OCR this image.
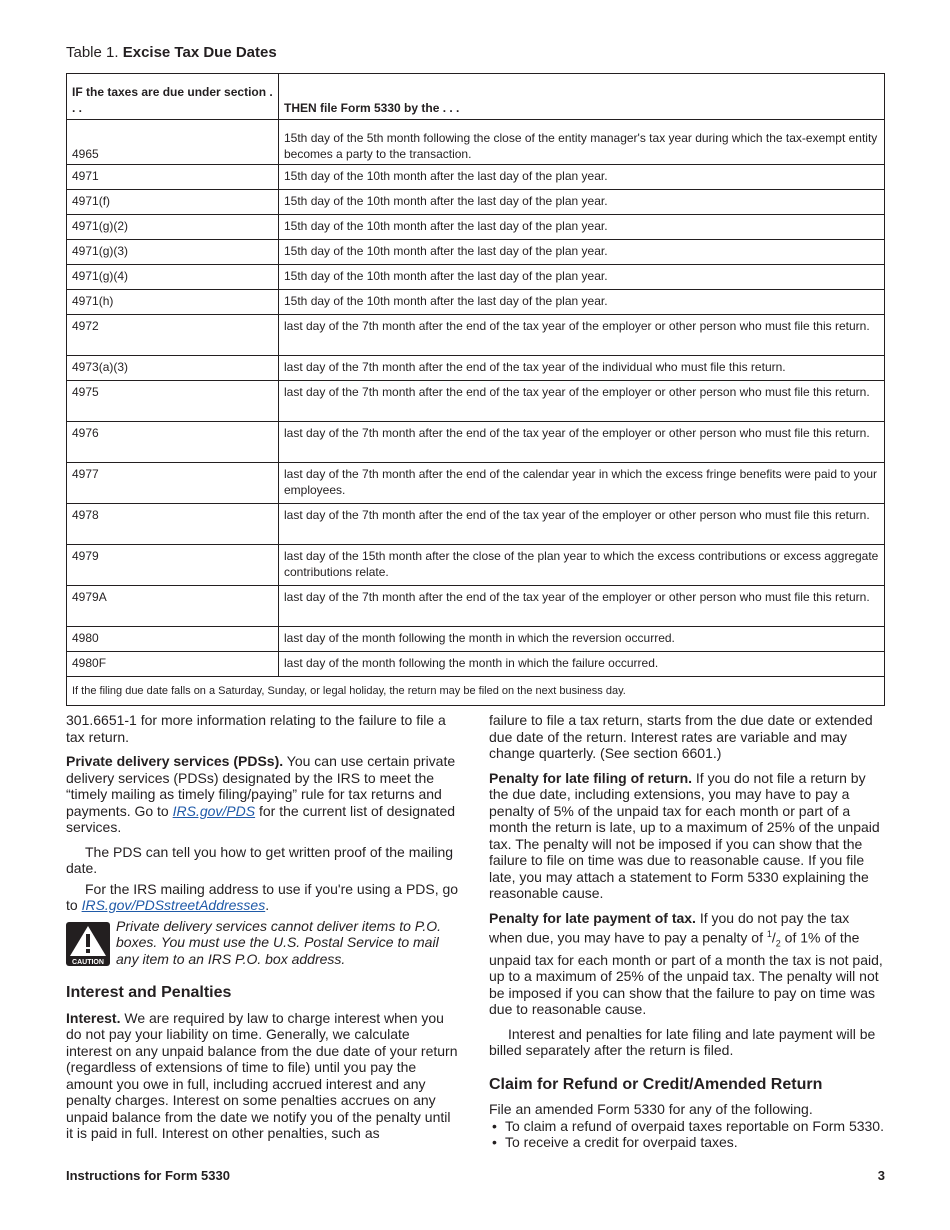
Table 1. Excise Tax Due Dates
IF the taxes are due under section . . .	THEN file Form 5330 by the . . .
4965	15th day of the 5th month following the close of the entity manager's tax year during which the tax-exempt entity becomes a party to the transaction.
4971	15th day of the 10th month after the last day of the plan year.
4971(f)	15th day of the 10th month after the last day of the plan year.
4971(g)(2)	15th day of the 10th month after the last day of the plan year.
4971(g)(3)	15th day of the 10th month after the last day of the plan year.
4971(g)(4)	15th day of the 10th month after the last day of the plan year.
4971(h)	15th day of the 10th month after the last day of the plan year.
4972	last day of the 7th month after the end of the tax year of the employer or other person who must file this return.
4973(a)(3)	last day of the 7th month after the end of the tax year of the individual who must file this return.
4975	last day of the 7th month after the end of the tax year of the employer or other person who must file this return.
4976	last day of the 7th month after the end of the tax year of the employer or other person who must file this return.
4977	last day of the 7th month after the end of the calendar year in which the excess fringe benefits were paid to your employees.
4978	last day of the 7th month after the end of the tax year of the employer or other person who must file this return.
4979	last day of the 15th month after the close of the plan year to which the excess contributions or excess aggregate contributions relate.
4979A	last day of the 7th month after the end of the tax year of the employer or other person who must file this return.
4980	last day of the month following the month in which the reversion occurred.
4980F	last day of the month following the month in which the failure occurred.
If the filing due date falls on a Saturday, Sunday, or legal holiday, the return may be filed on the next business day.	

301.6651-1 for more information relating to the failure to file a tax return.

Private delivery services (PDSs). You can use certain private delivery services (PDSs) designated by the IRS to meet the “timely mailing as timely filing/paying” rule for tax returns and payments. Go to IRS.gov/PDS for the current list of designated services.

The PDS can tell you how to get written proof of the mailing date.

For the IRS mailing address to use if you're using a PDS, go to IRS.gov/PDSstreetAddresses.

CAUTION
Private delivery services cannot deliver items to P.O. boxes. You must use the U.S. Postal Service to mail any item to an IRS P.O. box address.
Interest and Penalties

Interest. We are required by law to charge interest when you do not pay your liability on time. Generally, we calculate interest on any unpaid balance from the due date of your return (regardless of extensions of time to file) until you pay the amount you owe in full, including accrued interest and any penalty charges. Interest on some penalties accrues on any unpaid balance from the date we notify you of the penalty until it is paid in full. Interest on other penalties, such as

failure to file a tax return, starts from the due date or extended due date of the return. Interest rates are variable and may change quarterly. (See section 6601.)

Penalty for late filing of return. If you do not file a return by the due date, including extensions, you may have to pay a penalty of 5% of the unpaid tax for each month or part of a month the return is late, up to a maximum of 25% of the unpaid tax. The penalty will not be imposed if you can show that the failure to file on time was due to reasonable cause. If you file late, you may attach a statement to Form 5330 explaining the reasonable cause.

Penalty for late payment of tax. If you do not pay the tax when due, you may have to pay a penalty of $^1/_2$ of 1% of the unpaid tax for each month or part of a month the tax is not paid, up to a maximum of 25% of the unpaid tax. The penalty will not be imposed if you can show that the failure to pay on time was due to reasonable cause.

Interest and penalties for late filing and late payment will be billed separately after the return is filed.

Claim for Refund or Credit/Amended Return

File an amended Form 5330 for any of the following.

• To claim a refund of overpaid taxes reportable on Form 5330.
• To receive a credit for overpaid taxes.
Instructions for Form 5330	3
